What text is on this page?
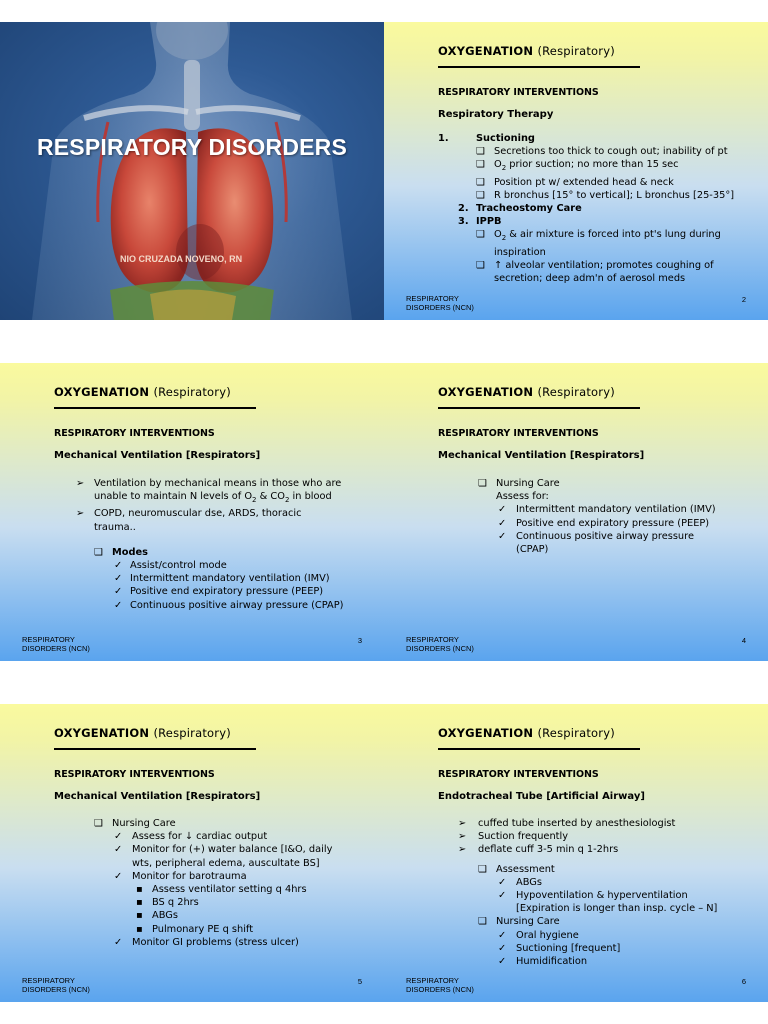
RESPIRATORY DISORDERS
NIO CRUZADA NOVENO, RN
OXYGENATION (Respiratory)
RESPIRATORY INTERVENTIONS
Respiratory Therapy
1.	Suctioning
❑ Secretions too thick to cough out; inability of pt
❑ $O_2$ prior suction; no more than 15 sec
❑ Position pt w/ extended head & neck
❑ R bronchus [15° to vertical]; L bronchus [25-35°]
2. Tracheostomy Care
3. IPPB
❑ $O_2$ & air mixture is forced into pt's lung during
inspiration
❑ ↑ alveolar ventilation; promotes coughing of
secretion; deep adm'n of aerosol meds
RESPIRATORY
DISORDERS (NCN)
2
OXYGENATION (Respiratory)
RESPIRATORY INTERVENTIONS
Mechanical Ventilation [Respirators]
➢ Ventilation by mechanical means in those who are
unable to maintain N levels of $O_2$ & $CO_2$ in blood
➢ COPD, neuromuscular dse, ARDS, thoracic
trauma..
❑ Modes
✓ Assist/control mode
✓ Intermittent mandatory ventilation (IMV)
✓ Positive end expiratory pressure (PEEP)
✓ Continuous positive airway pressure (CPAP)
RESPIRATORY
DISORDERS (NCN)
3
OXYGENATION (Respiratory)
RESPIRATORY INTERVENTIONS
Mechanical Ventilation [Respirators]
❑ Nursing Care
Assess for:
✓ Intermittent mandatory ventilation (IMV)
✓ Positive end expiratory pressure (PEEP)
✓ Continuous positive airway pressure
(CPAP)
RESPIRATORY
DISORDERS (NCN)
4
OXYGENATION (Respiratory)
RESPIRATORY INTERVENTIONS
Mechanical Ventilation [Respirators]
❑ Nursing Care
✓ Assess for ↓ cardiac output
✓ Monitor for (+) water balance [I&O, daily
wts, peripheral edema, auscultate BS]
✓ Monitor for barotrauma
▪ Assess ventilator setting q 4hrs
▪ BS q 2hrs
▪ ABGs
▪ Pulmonary PE q shift
✓ Monitor GI problems (stress ulcer)
RESPIRATORY
DISORDERS (NCN)
5
OXYGENATION (Respiratory)
RESPIRATORY INTERVENTIONS
Endotracheal Tube [Artificial Airway]
➢ cuffed tube inserted by anesthesiologist
➢ Suction frequently
➢ deflate cuff 3-5 min q 1-2hrs
❑ Assessment
✓ ABGs
✓ Hypoventilation & hyperventilation
[Expiration is longer than insp. cycle – N]
❑ Nursing Care
✓ Oral hygiene
✓ Suctioning [frequent]
✓ Humidification
RESPIRATORY
DISORDERS (NCN)
6
